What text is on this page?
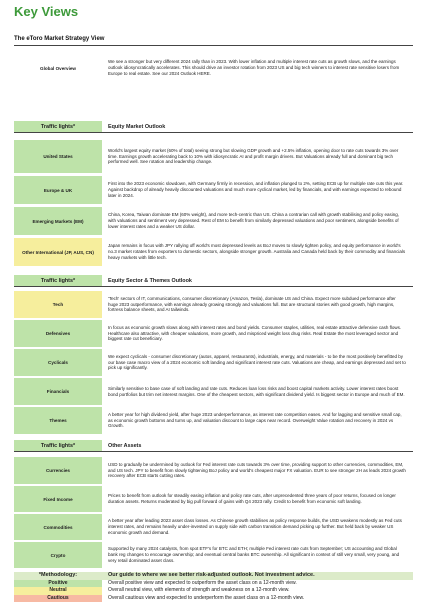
Key Views
The eToro Market Strategy View
Global Overview
We see a stronger but very different 2024 rally than in 2023. With lower inflation and multiple interest rate cuts as growth slows, and the earnings outlook idiosyncratically accelerates. This should drive an investor rotation from 2023 US and big tech winners to interest rate sensitive losers from Europe to real estate. See our 2024 Outlook HERE.
Traffic lights*	Equity Market Outlook
United States
World's largest equity market (60% of total) seeing strong but slowing GDP growth and +2.5% inflation, opening door to rate cuts towards 3% over time. Earnings growth accelerating back to 10% with idiosyncratic AI and profit margin drivers. But Valuations already full and dominant big tech performed well. See rotation and leadership change.
Europe & UK
First into the 2023 economic slowdown, with Germany firmly in recession, and inflation plunged to 2%, setting ECB up for multiple rate cuts this year. Against backdrop of already heavily discounted valuations and much more cyclical market, led by financials, and with earnings expected to rebound later in 2024.
Emerging Markets (EM)
China, Korea, Taiwan dominate EM (60% weight), and more tech-centric than US. China a contrarian call with growth stabilising and policy easing, with valuations and sentiment very depressed. Rest of EM to benefit from similarly depressed valuations and poor sentiment, alongside benefits of lower interest rates and a weaker US dollar.
Other International (JP, AUS, CN)
Japan remains in focus with JPY rallying off world's most depressed levels as BoJ moves to slowly tighten policy, and equity performance in world's no.3 market rotates from exporters to domestic sectors, alongside stronger growth. Australia and Canada held back by their commodity and financials heavy markets with little tech.
Traffic lights*	Equity Sector & Themes Outlook
Tech
'Tech' sectors of IT, communications, consumer discretionary (Amazon, Tesla), dominate US and China. Expect more subdued performance after huge 2023 outperformance, with earnings already growing strongly and valuations full. But are structural stories with good growth, high margins, fortress balance sheets, and AI tailwinds.
Defensives
In focus as economic growth slows along with interest rates and bond yields. Consumer staples, utilities, real estate attractive defensive cash flows. Healthcare also attractive, with cheaper valuations, more growth, and mispriced weight loss drug risks. Real Estate the most leveraged sector and biggest rate cut beneficiary.
Cyclicals
We expect cyclicals - consumer discretionary (autos, apparel, restaurants), industrials, energy, and materials - to be the most positively benefitted by our base case macro view of a 2024 economic soft landing and significant interest rate cuts. Valuations are cheap, and earnings depressed and set to pick up significantly.
Financials
Similarly sensitive to base case of soft landing and rate cuts. Reduces loan loss risks and boost capital markets activity. Lower interest rates boost bond portfolios but trim net interest margins. One of the cheapest sectors, with significant dividend yield. Is biggest sector in Europe and much of EM.
Themes
A better year for high dividend yield, after huge 2023 underperformance, as interest rate competition eases. And for lagging and sensitive small cap, as economic growth bottoms and turns up, and valuation discount to large caps near record. Overweight Value rotation and recovery in 2024 vs Growth.
Traffic lights*	Other Assets
Currencies
USD to gradually be undermined by outlook for Fed interest rate cuts towards 3% over time, providing support to other currencies, commodities, EM, and US tech. JPY to benefit from slowly tightening BoJ policy and world's cheapest major FX valuation. EUR to see stronger 2H as leads 2024 growth recovery after ECB starts cutting rates.
Fixed Income
Prices to benefit from outlook for steadily easing inflation and policy rate cuts, after unprecedented three years of poor returns, focused on longer duration assets. Returns moderated by big pull forward of gains with Q4 2023 rally. Credit to benefit from economic soft landing.
Commodities
A better year after leading 2023 asset class losses. As Chinese growth stabilises as policy response builds, the USD weakens modestly as Fed cuts interest rates, and remains heavily under-invested on supply side with carbon transition demand picking up further. But held back by weaker US economic growth and demand.
Crypto
Supported by many 2024 catalysts, from spot ETF's for BTC and ETH; multiple Fed interest rate cuts from September; US accounting and Global bank reg changes to encourage ownership; and eventual central banks BTC ownership. All significant in context of still very small, very young, and very retail dominated asset class.
*Methodology:	Our guide to where we see better risk-adjusted outlook. Not investment advice.
Positive	Overall positive view and expected to outperform the asset class on a 12-month view.
Neutral	Overall neutral view, with elements of strength and weakness on a 12-month view.
Cautious	Overall cautious view and expected to underperform the asset class on a 12-month view.
